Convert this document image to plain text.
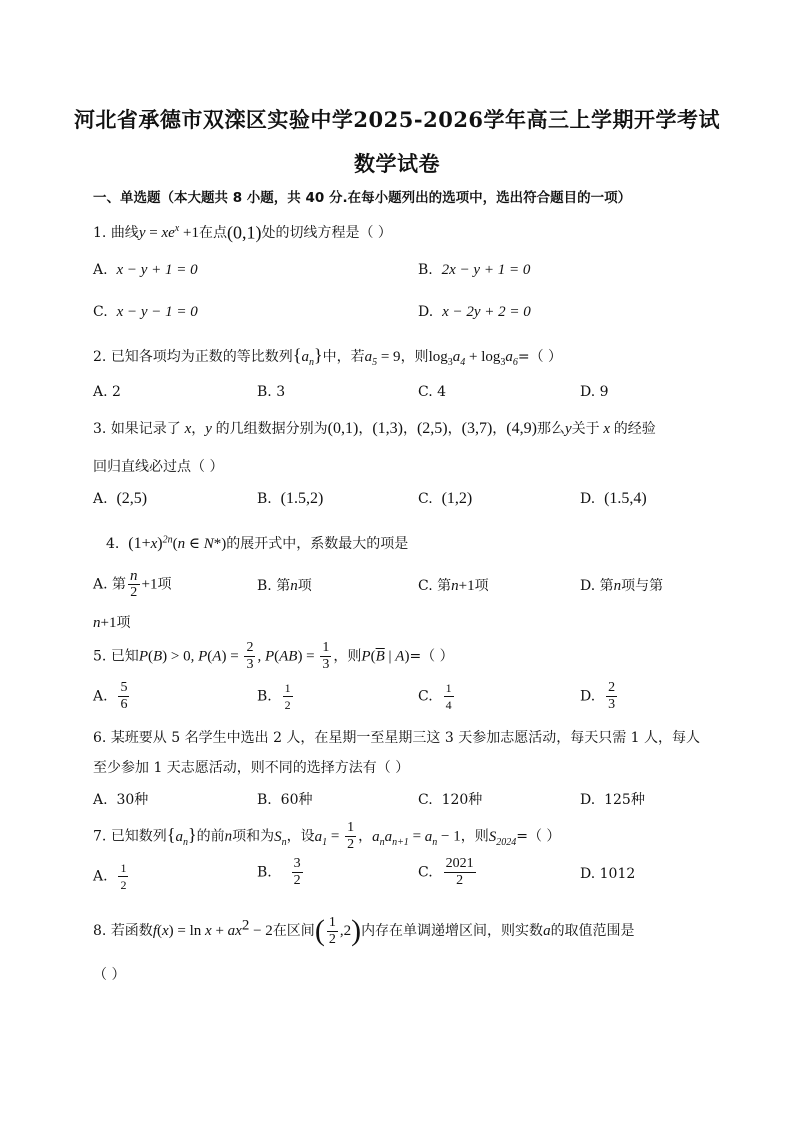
河北省承德市双滦区实验中学2025-2026学年高三上学期开学考试
数学试卷
一、单选题（本大题共 8 小题，共 40 分.在每小题列出的选项中，选出符合题目的一项）
1. 曲线$y = xe^x +1$在点(0,1)处的切线方程是（ ）
A. x − y + 1 = 0	B. 2x − y + 1 = 0
C. x − y − 1 = 0	D. x − 2y + 2 = 0
2. 已知各项均为正数的等比数列$\{a_n\}$中，若$a_5 = 9$，则$\log_3a_4 + \log_3a_6=$（ ）
A. 2	B. 3	C. 4	D. 9
3. 如果记录了 x，y 的几组数据分别为(0,1)，(1,3)，(2,5)，(3,7)，(4,9)那么y关于 x 的经验
回归直线必过点（ ）
A. (2,5)	B. (1.5,2)	C. (1,2)	D. (1.5,4)
4. $(1+x)^{2n}(n$ ∈ N*)的展开式中，系数最大的项是
A. 第 $\frac{n}{2} +1$项	B. 第n项	C. 第n+1项	D. 第n项与第
n+1项
5. 已知P(B) > 0, $P(A) = \frac{2}{3}$ , $P(AB) = \frac{1}{3}$ ，则$P(\overline{B}$ | A)=（ ）
A. $\frac{5}{6}$	B. $\frac{1}{2}$	C. $\frac{1}{4}$	D. $\frac{2}{3}$
6. 某班要从 5 名学生中选出 2 人，在星期一至星期三这 3 天参加志愿活动，每天只需 1 人，每人
至少参加 1 天志愿活动，则不同的选择方法有（ ）
A. 30种	B. 60种	C. 120种	D. 125种
7. 已知数列$\{a_n\}$的前n项和为$S_n$，设$a_1 = \frac{1}{2}$ ，$a_na_{n+1} = a_n - 1$，则$S_{2024}=$（ ）
A. $\frac{1}{2}$	B. $\frac{3}{2}$	C. $\frac{2021}{2}$	D. 1012
8. 若函数$f(x) = \ln x + ax^2 - 2$在区间( $\frac{1}{2} ,2$)内存在单调递增区间，则实数a的取值范围是
（ ）
